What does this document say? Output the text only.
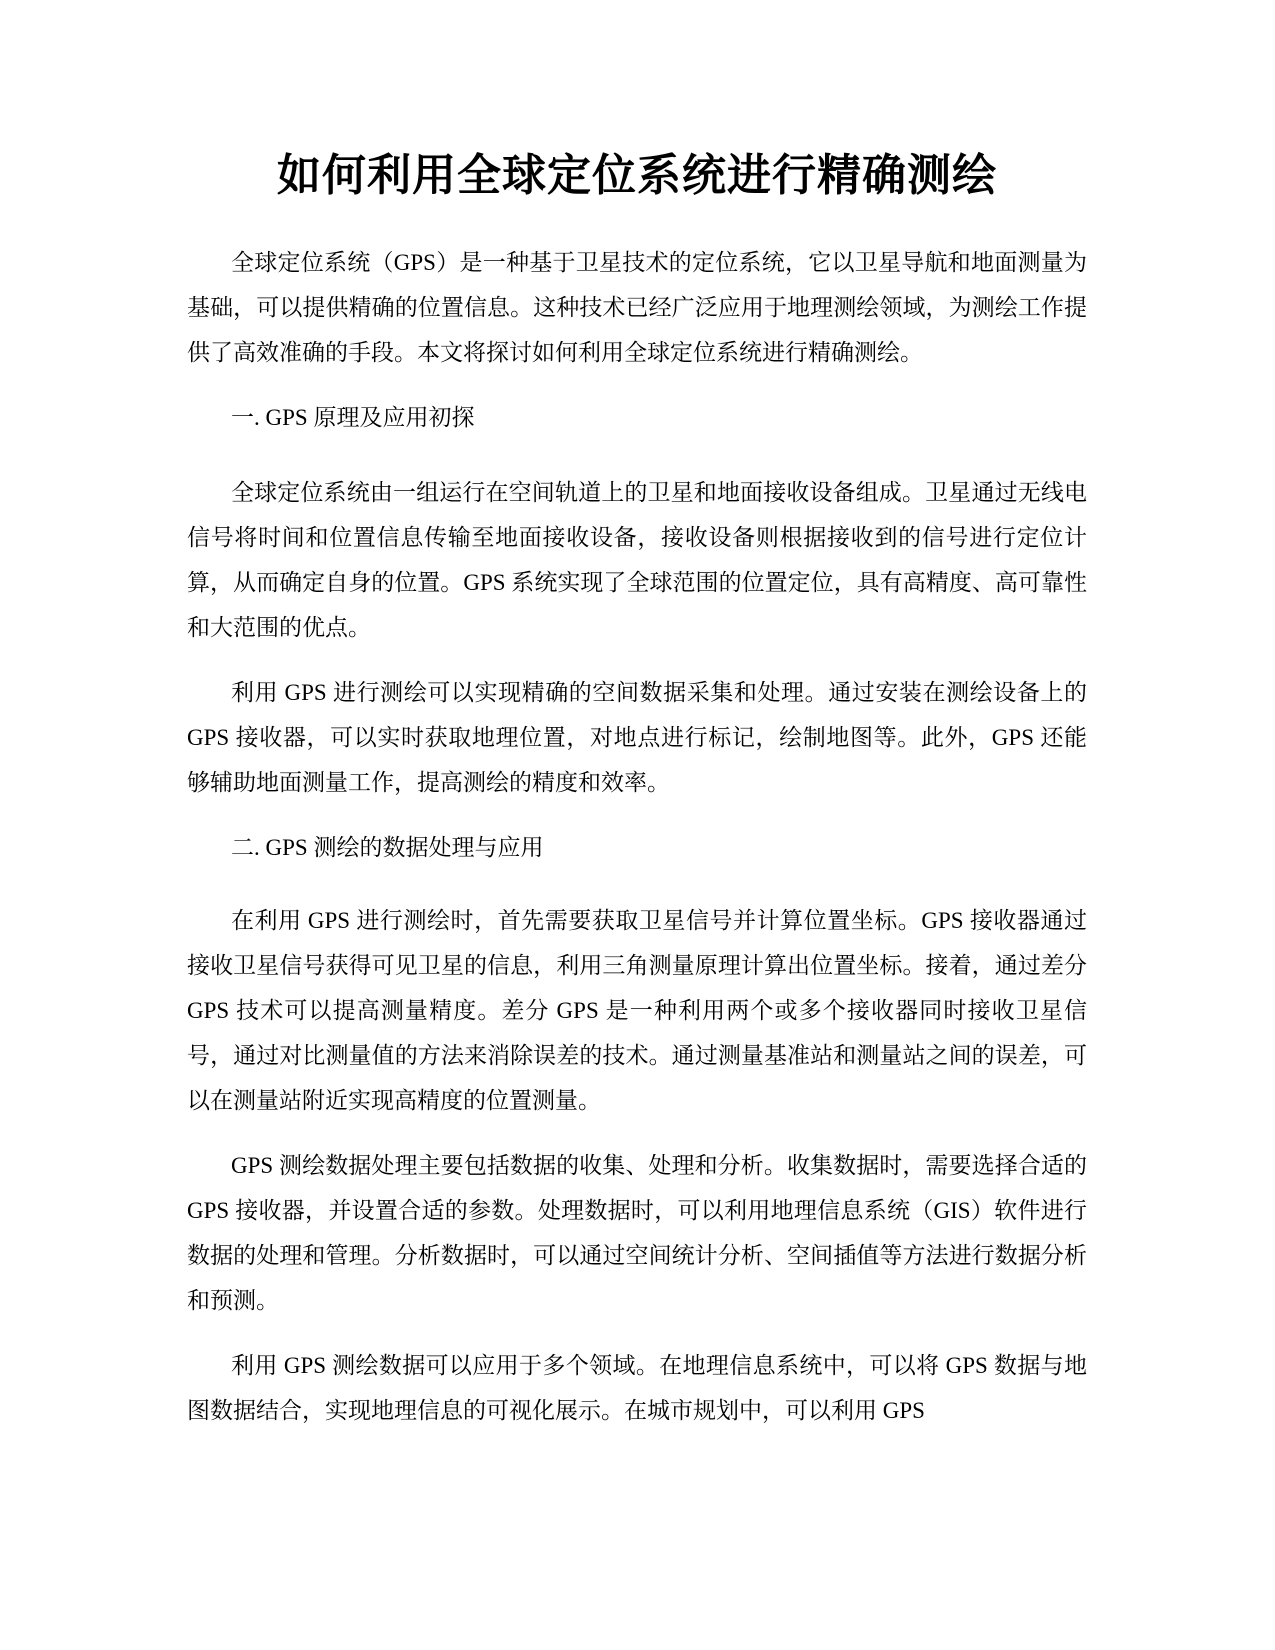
如何利用全球定位系统进行精确测绘

全球定位系统（GPS）是一种基于卫星技术的定位系统，它以卫星导航和地面测量为基础，可以提供精确的位置信息。这种技术已经广泛应用于地理测绘领域，为测绘工作提供了高效准确的手段。本文将探讨如何利用全球定位系统进行精确测绘。

一. GPS 原理及应用初探

全球定位系统由一组运行在空间轨道上的卫星和地面接收设备组成。卫星通过无线电信号将时间和位置信息传输至地面接收设备，接收设备则根据接收到的信号进行定位计算，从而确定自身的位置。GPS 系统实现了全球范围的位置定位，具有高精度、高可靠性和大范围的优点。

利用 GPS 进行测绘可以实现精确的空间数据采集和处理。通过安装在测绘设备上的 GPS 接收器，可以实时获取地理位置，对地点进行标记，绘制地图等。此外，GPS 还能够辅助地面测量工作，提高测绘的精度和效率。

二. GPS 测绘的数据处理与应用

在利用 GPS 进行测绘时，首先需要获取卫星信号并计算位置坐标。GPS 接收器通过接收卫星信号获得可见卫星的信息，利用三角测量原理计算出位置坐标。接着，通过差分 GPS 技术可以提高测量精度。差分 GPS 是一种利用两个或多个接收器同时接收卫星信号，通过对比测量值的方法来消除误差的技术。通过测量基准站和测量站之间的误差，可以在测量站附近实现高精度的位置测量。

GPS 测绘数据处理主要包括数据的收集、处理和分析。收集数据时，需要选择合适的 GPS 接收器，并设置合适的参数。处理数据时，可以利用地理信息系统（GIS）软件进行数据的处理和管理。分析数据时，可以通过空间统计分析、空间插值等方法进行数据分析和预测。

利用 GPS 测绘数据可以应用于多个领域。在地理信息系统中，可以将 GPS 数据与地图数据结合，实现地理信息的可视化展示。在城市规划中，可以利用 GPS
